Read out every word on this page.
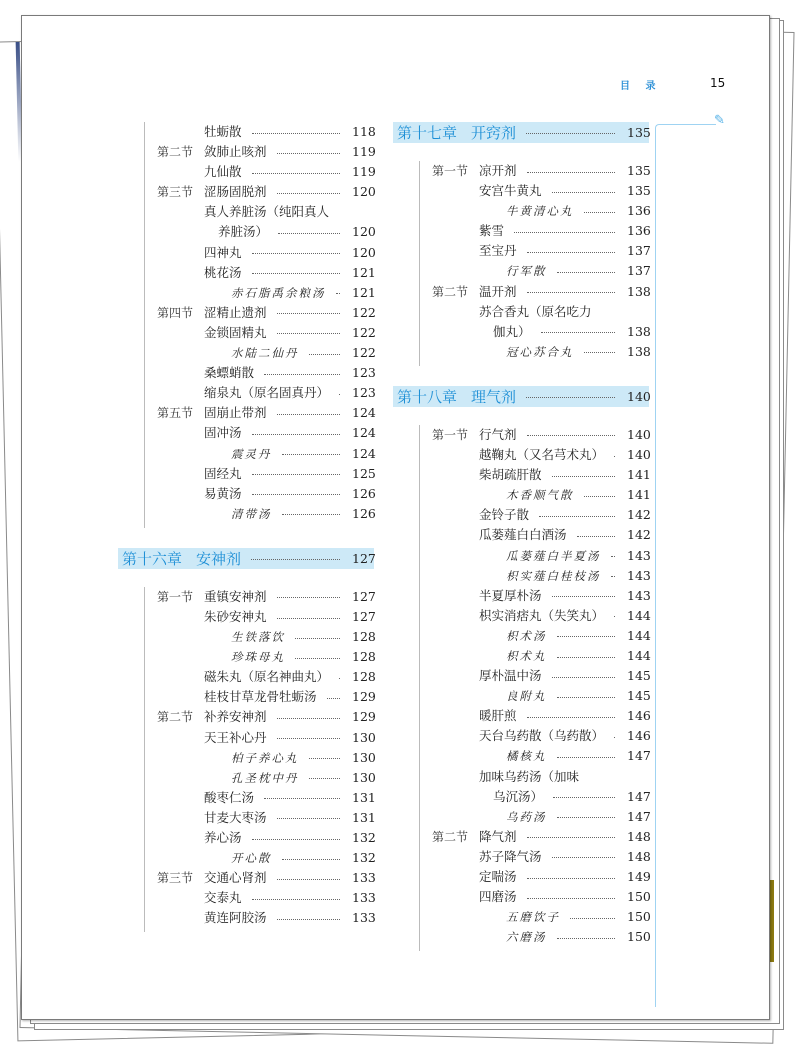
目 录	15
✎
牡蛎散	118
第二节 敛肺止咳剂	119
九仙散	119
第三节 涩肠固脱剂	120
真人养脏汤（纯阳真人
养脏汤）	120
四神丸	120
桃花汤	121
赤石脂禹余粮汤 121
第四节 涩精止遗剂	122
金锁固精丸	122
水陆二仙丹	122
桑螵蛸散	123
缩泉丸（原名固真丹） 123
第五节 固崩止带剂	124
固冲汤	124
震灵丹	124
固经丸	125
易黄汤	126
清带汤	126
第十六章 安神剂	127
第一节 重镇安神剂	127
朱砂安神丸	127
生铁落饮	128
珍珠母丸	128
磁朱丸（原名神曲丸） 128
桂枝甘草龙骨牡蛎汤	129
第二节 补养安神剂	129
天王补心丹	130
柏子养心丸	130
孔圣枕中丹	130
酸枣仁汤	131
甘麦大枣汤	131
养心汤	132
开心散	132
第三节 交通心肾剂	133
交泰丸	133
黄连阿胶汤	133
第十七章 开窍剂	135
第一节 凉开剂	135
安宫牛黄丸	135
牛黄清心丸	136
紫雪	136
至宝丹	137
行军散	137
第二节 温开剂	138
苏合香丸（原名吃力
伽丸）	138
冠心苏合丸	138
第十八章 理气剂	140
第一节 行气剂	140
越鞠丸（又名芎术丸） 140
柴胡疏肝散	141
木香顺气散	141
金铃子散	142
瓜蒌薤白白酒汤	142
瓜蒌薤白半夏汤 143
枳实薤白桂枝汤 143
半夏厚朴汤	143
枳实消痞丸（失笑丸） 144
枳术汤	144
枳术丸	144
厚朴温中汤	145
良附丸	145
暖肝煎	146
天台乌药散（乌药散） 146
橘核丸	147
加味乌药汤（加味
乌沉汤）	147
乌药汤	147
第二节 降气剂	148
苏子降气汤	148
定喘汤	149
四磨汤	150
五磨饮子	150
六磨汤	150
